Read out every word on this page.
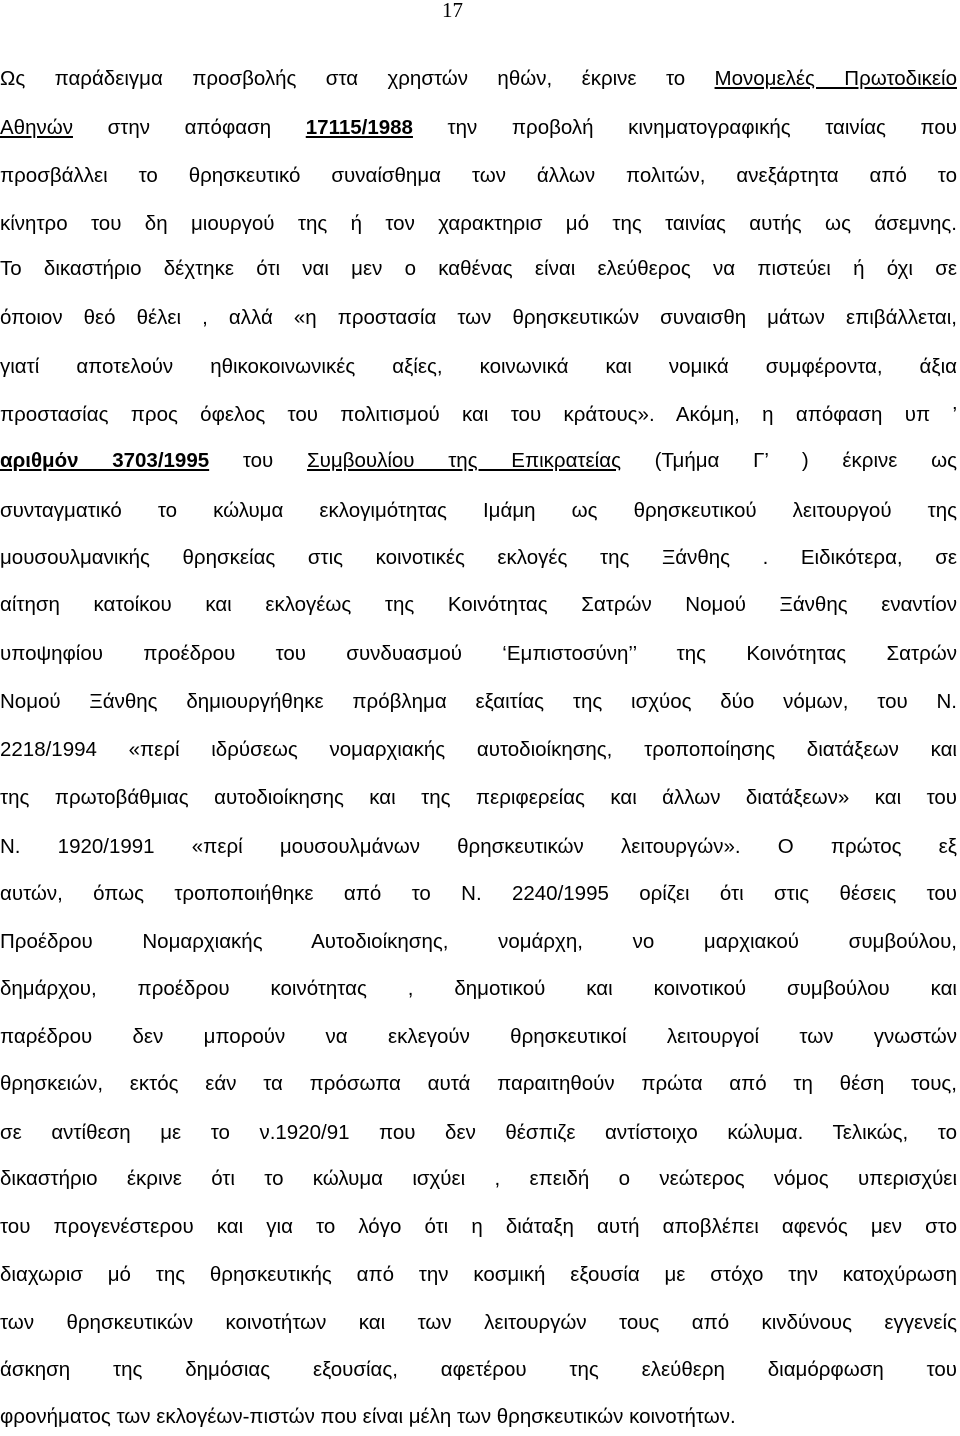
17
Ως παράδειγμα προσβολής στα χρηστών ηθών, έκρινε το Μονομελές Πρωτοδικείο
Αθηνών στην απόφαση 17115/1988 την προβολή κινηματογραφικής ταινίας που
προσβάλλει το θρησκευτικό συναίσθημα των άλλων πολιτών, ανεξάρτητα από το
κίνητρο του δη μιουργού της ή τον χαρακτηρισ μό της ταινίας αυτής ως άσεμνης.
Το δικαστήριο δέχτηκε ότι ναι μεν ο καθένας είναι ελεύθερος να πιστεύει ή όχι σε
όποιον θεό θέλει , αλλά «η προστασία των θρησκευτικών συναισθη μάτων επιβάλλεται,
γιατί αποτελούν ηθικοκοινωνικές αξίες, κοινωνικά και νομικά συμφέροντα, άξια
προστασίας προς όφελος του πολιτισμού και του κράτους». Ακόμη, η απόφαση υπ ’
αριθμόν 3703/1995 του Συμβουλίου της Επικρατείας (Τμήμα Γ’ ) έκρινε ως
συνταγματικό το κώλυμα εκλογιμότητας Ιμάμη ως θρησκευτικού λειτουργού της
μουσουλμανικής θρησκείας στις κοινοτικές εκλογές της Ξάνθης . Ειδικότερα, σε
αίτηση κατοίκου και εκλογέως της Κοινότητας Σατρών Νομού Ξάνθης εναντίον
υποψηφίου προέδρου του συνδυασμού ‘Εμπιστοσύνη’’ της Κοινότητας Σατρών
Νομού Ξάνθης δημιουργήθηκε πρόβλημα εξαιτίας της ισχύος δύο νόμων, του Ν.
2218/1994 «περί ιδρύσεως νομαρχιακής αυτοδιοίκησης, τροποποίησης διατάξεων και
της πρωτοβάθμιας αυτοδιοίκησης και της περιφερείας και άλλων διατάξεων» και του
Ν. 1920/1991 «περί μουσουλμάνων θρησκευτικών λειτουργών». Ο πρώτος εξ
αυτών, όπως τροποποιήθηκε από το Ν. 2240/1995 ορίζει ότι στις θέσεις του
Προέδρου Νομαρχιακής Αυτοδιοίκησης, νομάρχη, νο μαρχιακού συμβούλου,
δημάρχου, προέδρου κοινότητας , δημοτικού και κοινοτικού συμβούλου και
παρέδρου δεν μπορούν να εκλεγούν θρησκευτικοί λειτουργοί των γνωστών
θρησκειών, εκτός εάν τα πρόσωπα αυτά παραιτηθούν πρώτα από τη θέση τους,
σε αντίθεση με το ν.1920/91 που δεν θέσπιζε αντίστοιχο κώλυμα. Τελικώς, το
δικαστήριο έκρινε ότι το κώλυμα ισχύει , επειδή ο νεώτερος νόμος υπερισχύει
του προγενέστερου και για το λόγο ότι η διάταξη αυτή αποβλέπει αφενός μεν στο
διαχωρισ μό της θρησκευτικής από την κοσμική εξουσία με στόχο την κατοχύρωση
των θρησκευτικών κοινοτήτων και των λειτουργών τους από κινδύνους εγγενείς
άσκηση της δημόσιας εξουσίας, αφετέρου της ελεύθερη διαμόρφωση του
φρονήματος των εκλογέων-πιστών που είναι μέλη των θρησκευτικών κοινοτήτων.
